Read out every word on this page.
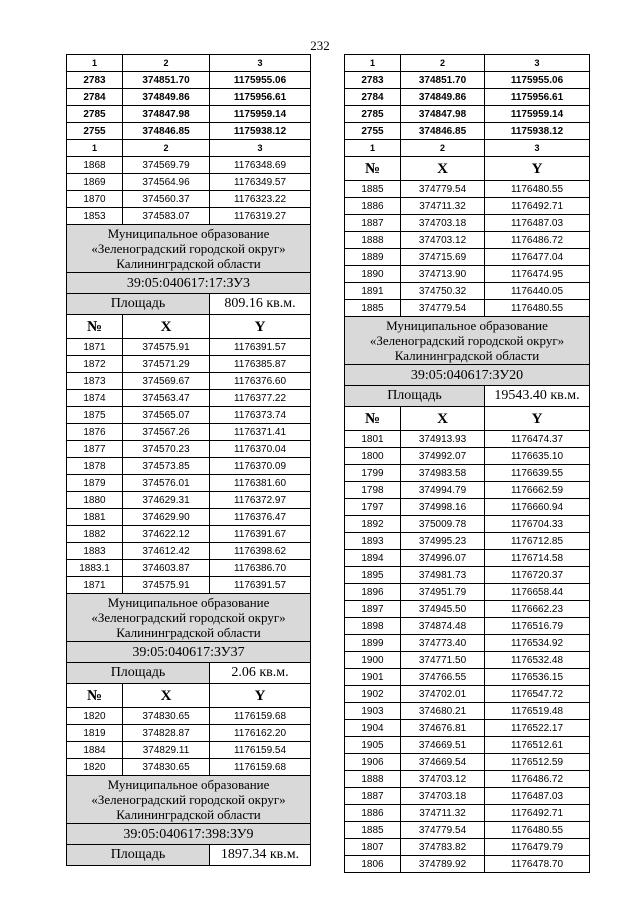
232
1	2	3
2783	374851.70	1175955.06
2784	374849.86	1175956.61
2785	374847.98	1175959.14
2755	374846.85	1175938.12
1	2	3
1868	374569.79	1176348.69
1869	374564.96	1176349.57
1870	374560.37	1176323.22
1853	374583.07	1176319.27
Муниципальное образование «Зеленоградский городской округ» Калининградской области		
39:05:040617:17:ЗУ3		
Площадь		809.16 кв.м.
№	X	Y
1871	374575.91	1176391.57
1872	374571.29	1176385.87
1873	374569.67	1176376.60
1874	374563.47	1176377.22
1875	374565.07	1176373.74
1876	374567.26	1176371.41
1877	374570.23	1176370.04
1878	374573.85	1176370.09
1879	374576.01	1176381.60
1880	374629.31	1176372.97
1881	374629.90	1176376.47
1882	374622.12	1176391.67
1883	374612.42	1176398.62
1883.1	374603.87	1176386.70
1871	374575.91	1176391.57
Муниципальное образование «Зеленоградский городской округ» Калининградской области		
39:05:040617:ЗУ37		
Площадь		2.06 кв.м.
№	X	Y
1820	374830.65	1176159.68
1819	374828.87	1176162.20
1884	374829.11	1176159.54
1820	374830.65	1176159.68
Муниципальное образование «Зеленоградский городской округ» Калининградской области		
39:05:040617:398:ЗУ9		
Площадь		1897.34 кв.м.
1	2	3
2783	374851.70	1175955.06
2784	374849.86	1175956.61
2785	374847.98	1175959.14
2755	374846.85	1175938.12
1	2	3
№	X	Y
1885	374779.54	1176480.55
1886	374711.32	1176492.71
1887	374703.18	1176487.03
1888	374703.12	1176486.72
1889	374715.69	1176477.04
1890	374713.90	1176474.95
1891	374750.32	1176440.05
1885	374779.54	1176480.55
Муниципальное образование «Зеленоградский городской округ» Калининградской области		
39:05:040617:ЗУ20		
Площадь		19543.40 кв.м.
№	X	Y
1801	374913.93	1176474.37
1800	374992.07	1176635.10
1799	374983.58	1176639.55
1798	374994.79	1176662.59
1797	374998.16	1176660.94
1892	375009.78	1176704.33
1893	374995.23	1176712.85
1894	374996.07	1176714.58
1895	374981.73	1176720.37
1896	374951.79	1176658.44
1897	374945.50	1176662.23
1898	374874.48	1176516.79
1899	374773.40	1176534.92
1900	374771.50	1176532.48
1901	374766.55	1176536.15
1902	374702.01	1176547.72
1903	374680.21	1176519.48
1904	374676.81	1176522.17
1905	374669.51	1176512.61
1906	374669.54	1176512.59
1888	374703.12	1176486.72
1887	374703.18	1176487.03
1886	374711.32	1176492.71
1885	374779.54	1176480.55
1807	374783.82	1176479.79
1806	374789.92	1176478.70
